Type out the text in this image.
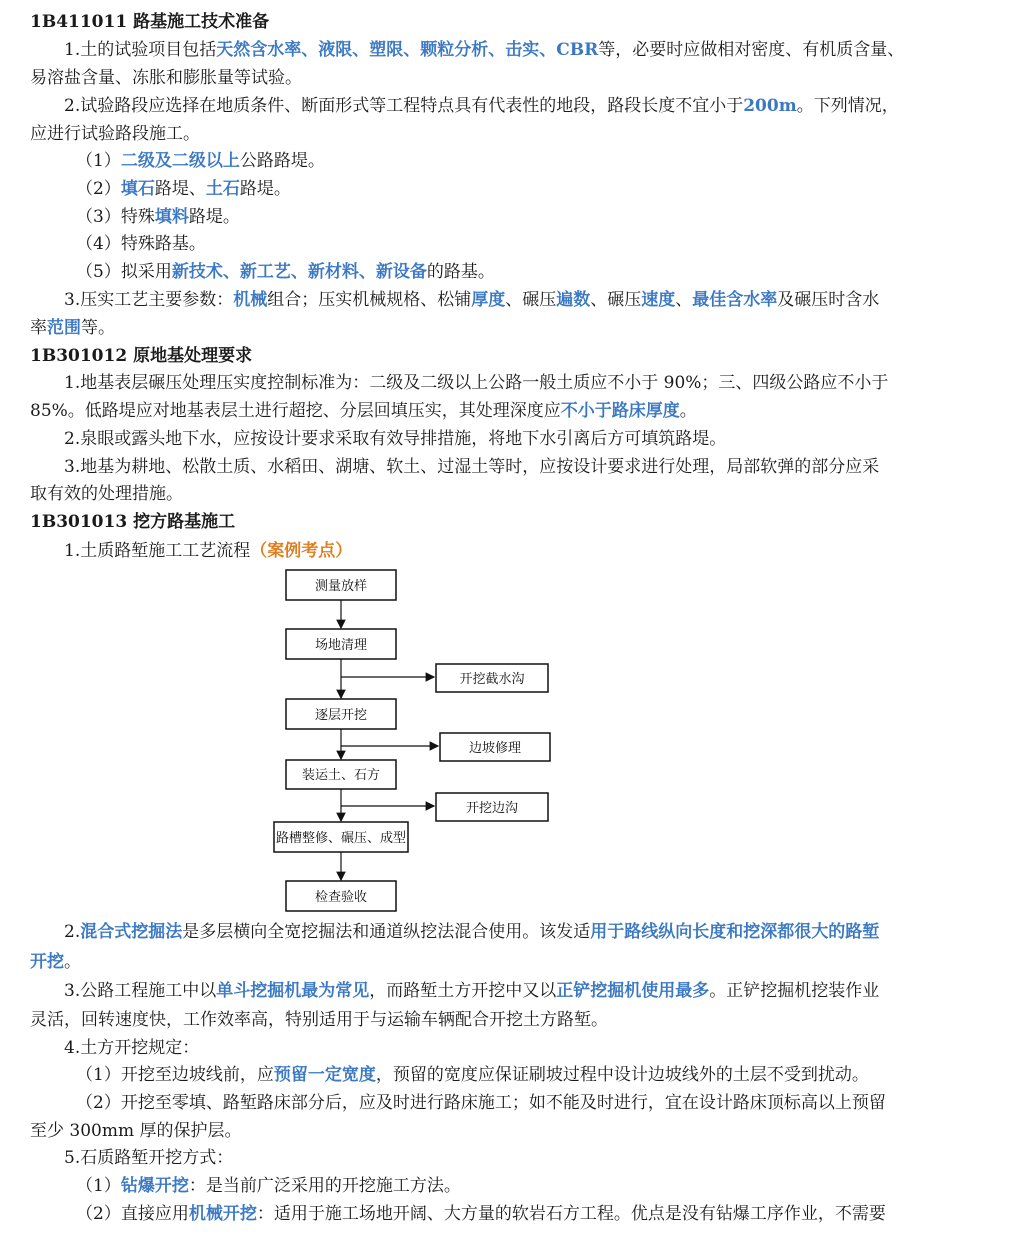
1B411011 路基施工技术准备
1.土的试验项目包括天然含水率、液限、塑限、颗粒分析、击实、CBR等，必要时应做相对密度、有机质含量、
易溶盐含量、冻胀和膨胀量等试验。
2.试验路段应选择在地质条件、断面形式等工程特点具有代表性的地段，路段长度不宜小于200m。下列情况，
应进行试验路段施工。
（1）二级及二级以上公路路堤。
（2）填石路堤、土石路堤。
（3）特殊填料路堤。
（4）特殊路基。
（5）拟采用新技术、新工艺、新材料、新设备的路基。
3.压实工艺主要参数：机械组合；压实机械规格、松铺厚度、碾压遍数、碾压速度、最佳含水率及碾压时含水
率范围等。
1B301012 原地基处理要求
1.地基表层碾压处理压实度控制标准为：二级及二级以上公路一般土质应不小于 90%；三、四级公路应不小于
85%。低路堤应对地基表层土进行超挖、分层回填压实，其处理深度应不小于路床厚度。
2.泉眼或露头地下水，应按设计要求采取有效导排措施，将地下水引离后方可填筑路堤。
3.地基为耕地、松散土质、水稻田、湖塘、软土、过湿土等时，应按设计要求进行处理，局部软弹的部分应采
取有效的处理措施。
1B301013 挖方路基施工
1.土质路堑施工工艺流程（案例考点）
2.混合式挖掘法是多层横向全宽挖掘法和通道纵挖法混合使用。该发适用于路线纵向长度和挖深都很大的路堑
开挖。
3.公路工程施工中以单斗挖掘机最为常见，而路堑土方开挖中又以正铲挖掘机使用最多。正铲挖掘机挖装作业
灵活，回转速度快，工作效率高，特别适用于与运输车辆配合开挖土方路堑。
4.土方开挖规定：
（1）开挖至边坡线前，应预留一定宽度，预留的宽度应保证刷坡过程中设计边坡线外的土层不受到扰动。
（2）开挖至零填、路堑路床部分后，应及时进行路床施工；如不能及时进行，宜在设计路床顶标高以上预留
至少 300mm 厚的保护层。
5.石质路堑开挖方式：
（1）钻爆开挖：是当前广泛采用的开挖施工方法。
（2）直接应用机械开挖：适用于施工场地开阔、大方量的软岩石方工程。优点是没有钻爆工序作业，不需要
测量放样
场地清理
逐层开挖
装运土、石方
路槽整修、碾压、成型
检查验收
开挖截水沟
边坡修理
开挖边沟
